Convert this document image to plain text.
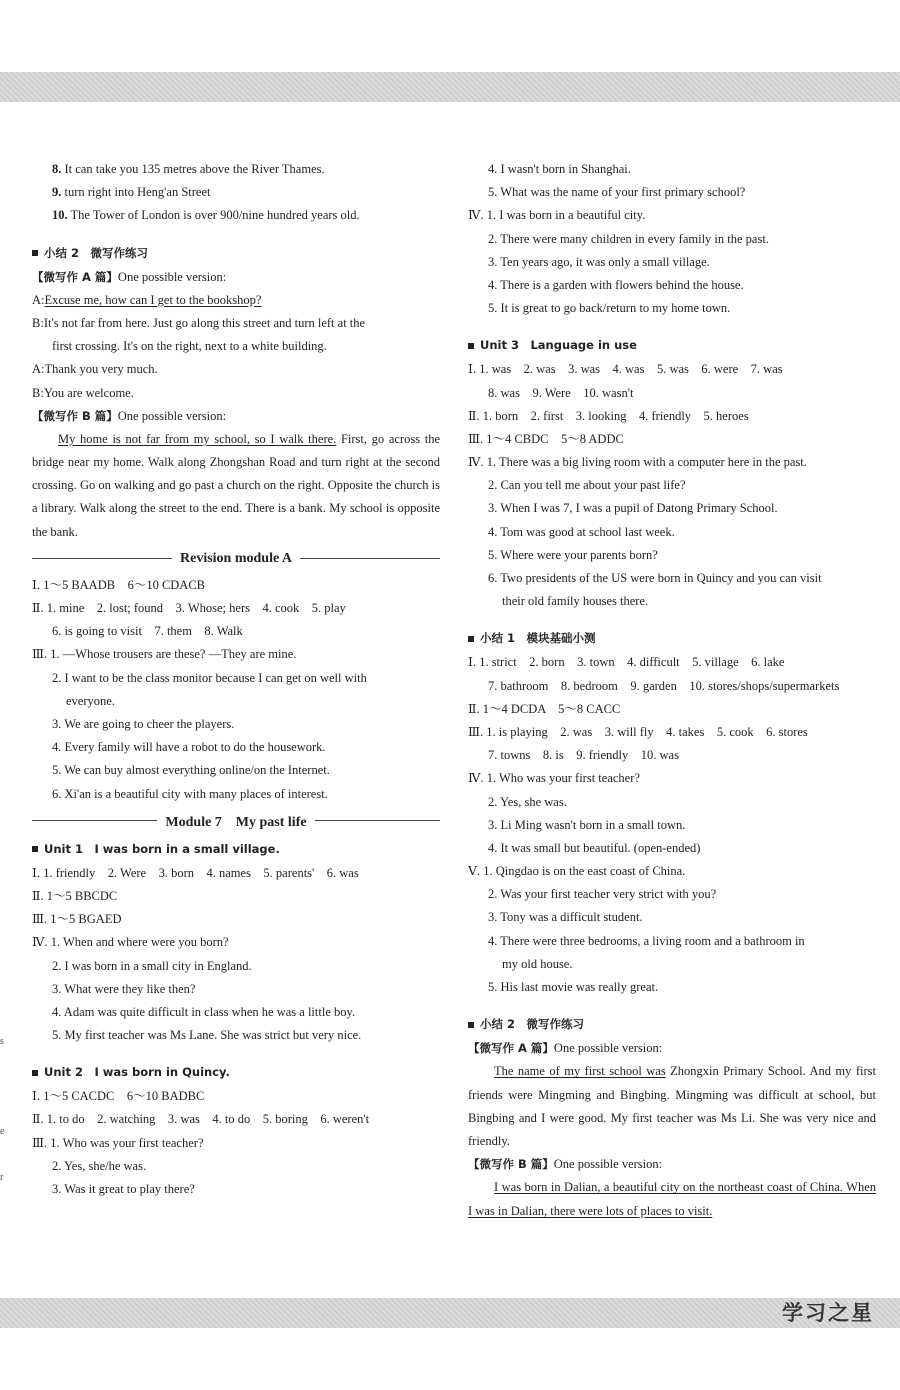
8. It can take you 135 metres above the River Thames.
9. turn right into Heng'an Street
10. The Tower of London is over 900/nine hundred years old.
小结 2　微写作练习
【微写作 A 篇】One possible version:
A:Excuse me, how can I get to the bookshop?
B:It's not far from here. Just go along this street and turn left at the
first crossing. It's on the right, next to a white building.
A:Thank you very much.
B:You are welcome.
【微写作 B 篇】One possible version:
My home is not far from my school, so I walk there. First, go across the bridge near my home. Walk along Zhongshan Road and turn right at the second crossing. Go on walking and go past a church on the right. Opposite the church is a library. Walk along the street to the end. There is a bank. My school is opposite the bank.
Revision module A
Ⅰ. 1～5 BAADB　6～10 CDACB
Ⅱ. 1. mine　2. lost; found　3. Whose; hers　4. cook　5. play
6. is going to visit　7. them　8. Walk
Ⅲ. 1. —Whose trousers are these? —They are mine.
2. I want to be the class monitor because I can get on well with
everyone.
3. We are going to cheer the players.
4. Every family will have a robot to do the housework.
5. We can buy almost everything online/on the Internet.
6. Xi'an is a beautiful city with many places of interest.
Module 7　My past life
Unit 1　I was born in a small village.
Ⅰ. 1. friendly　2. Were　3. born　4. names　5. parents'　6. was
Ⅱ. 1～5 BBCDC
Ⅲ. 1～5 BGAED
Ⅳ. 1. When and where were you born?
2. I was born in a small city in England.
3. What were they like then?
4. Adam was quite difficult in class when he was a little boy.
5. My first teacher was Ms Lane. She was strict but very nice.
Unit 2　I was born in Quincy.
Ⅰ. 1～5 CACDC　6～10 BADBC
Ⅱ. 1. to do　2. watching　3. was　4. to do　5. boring　6. weren't
Ⅲ. 1. Who was your first teacher?
2. Yes, she/he was.
3. Was it great to play there?
4. I wasn't born in Shanghai.
5. What was the name of your first primary school?
Ⅳ. 1. I was born in a beautiful city.
2. There were many children in every family in the past.
3. Ten years ago, it was only a small village.
4. There is a garden with flowers behind the house.
5. It is great to go back/return to my home town.
Unit 3　Language in use
Ⅰ. 1. was　2. was　3. was　4. was　5. was　6. were　7. was
8. was　9. Were　10. wasn't
Ⅱ. 1. born　2. first　3. looking　4. friendly　5. heroes
Ⅲ. 1～4 CBDC　5～8 ADDC
Ⅳ. 1. There was a big living room with a computer here in the past.
2. Can you tell me about your past life?
3. When I was 7, I was a pupil of Datong Primary School.
4. Tom was good at school last week.
5. Where were your parents born?
6. Two presidents of the US were born in Quincy and you can visit
their old family houses there.
小结 1　模块基础小测
Ⅰ. 1. strict　2. born　3. town　4. difficult　5. village　6. lake
7. bathroom　8. bedroom　9. garden　10. stores/shops/supermarkets
Ⅱ. 1～4 DCDA　5～8 CACC
Ⅲ. 1. is playing　2. was　3. will fly　4. takes　5. cook　6. stores
7. towns　8. is　9. friendly　10. was
Ⅳ. 1. Who was your first teacher?
2. Yes, she was.
3. Li Ming wasn't born in a small town.
4. It was small but beautiful. (open-ended)
Ⅴ. 1. Qingdao is on the east coast of China.
2. Was your first teacher very strict with you?
3. Tony was a difficult student.
4. There were three bedrooms, a living room and a bathroom in
my old house.
5. His last movie was really great.
小结 2　微写作练习
【微写作 A 篇】One possible version:
The name of my first school was Zhongxin Primary School. And my first friends were Mingming and Bingbing. Mingming was difficult at school, but Bingbing and I were good. My first teacher was Ms Li. She was very nice and friendly.
【微写作 B 篇】One possible version:
I was born in Dalian, a beautiful city on the northeast coast of China. When I was in Dalian, there were lots of places to visit.
学习之星
s
e
r
